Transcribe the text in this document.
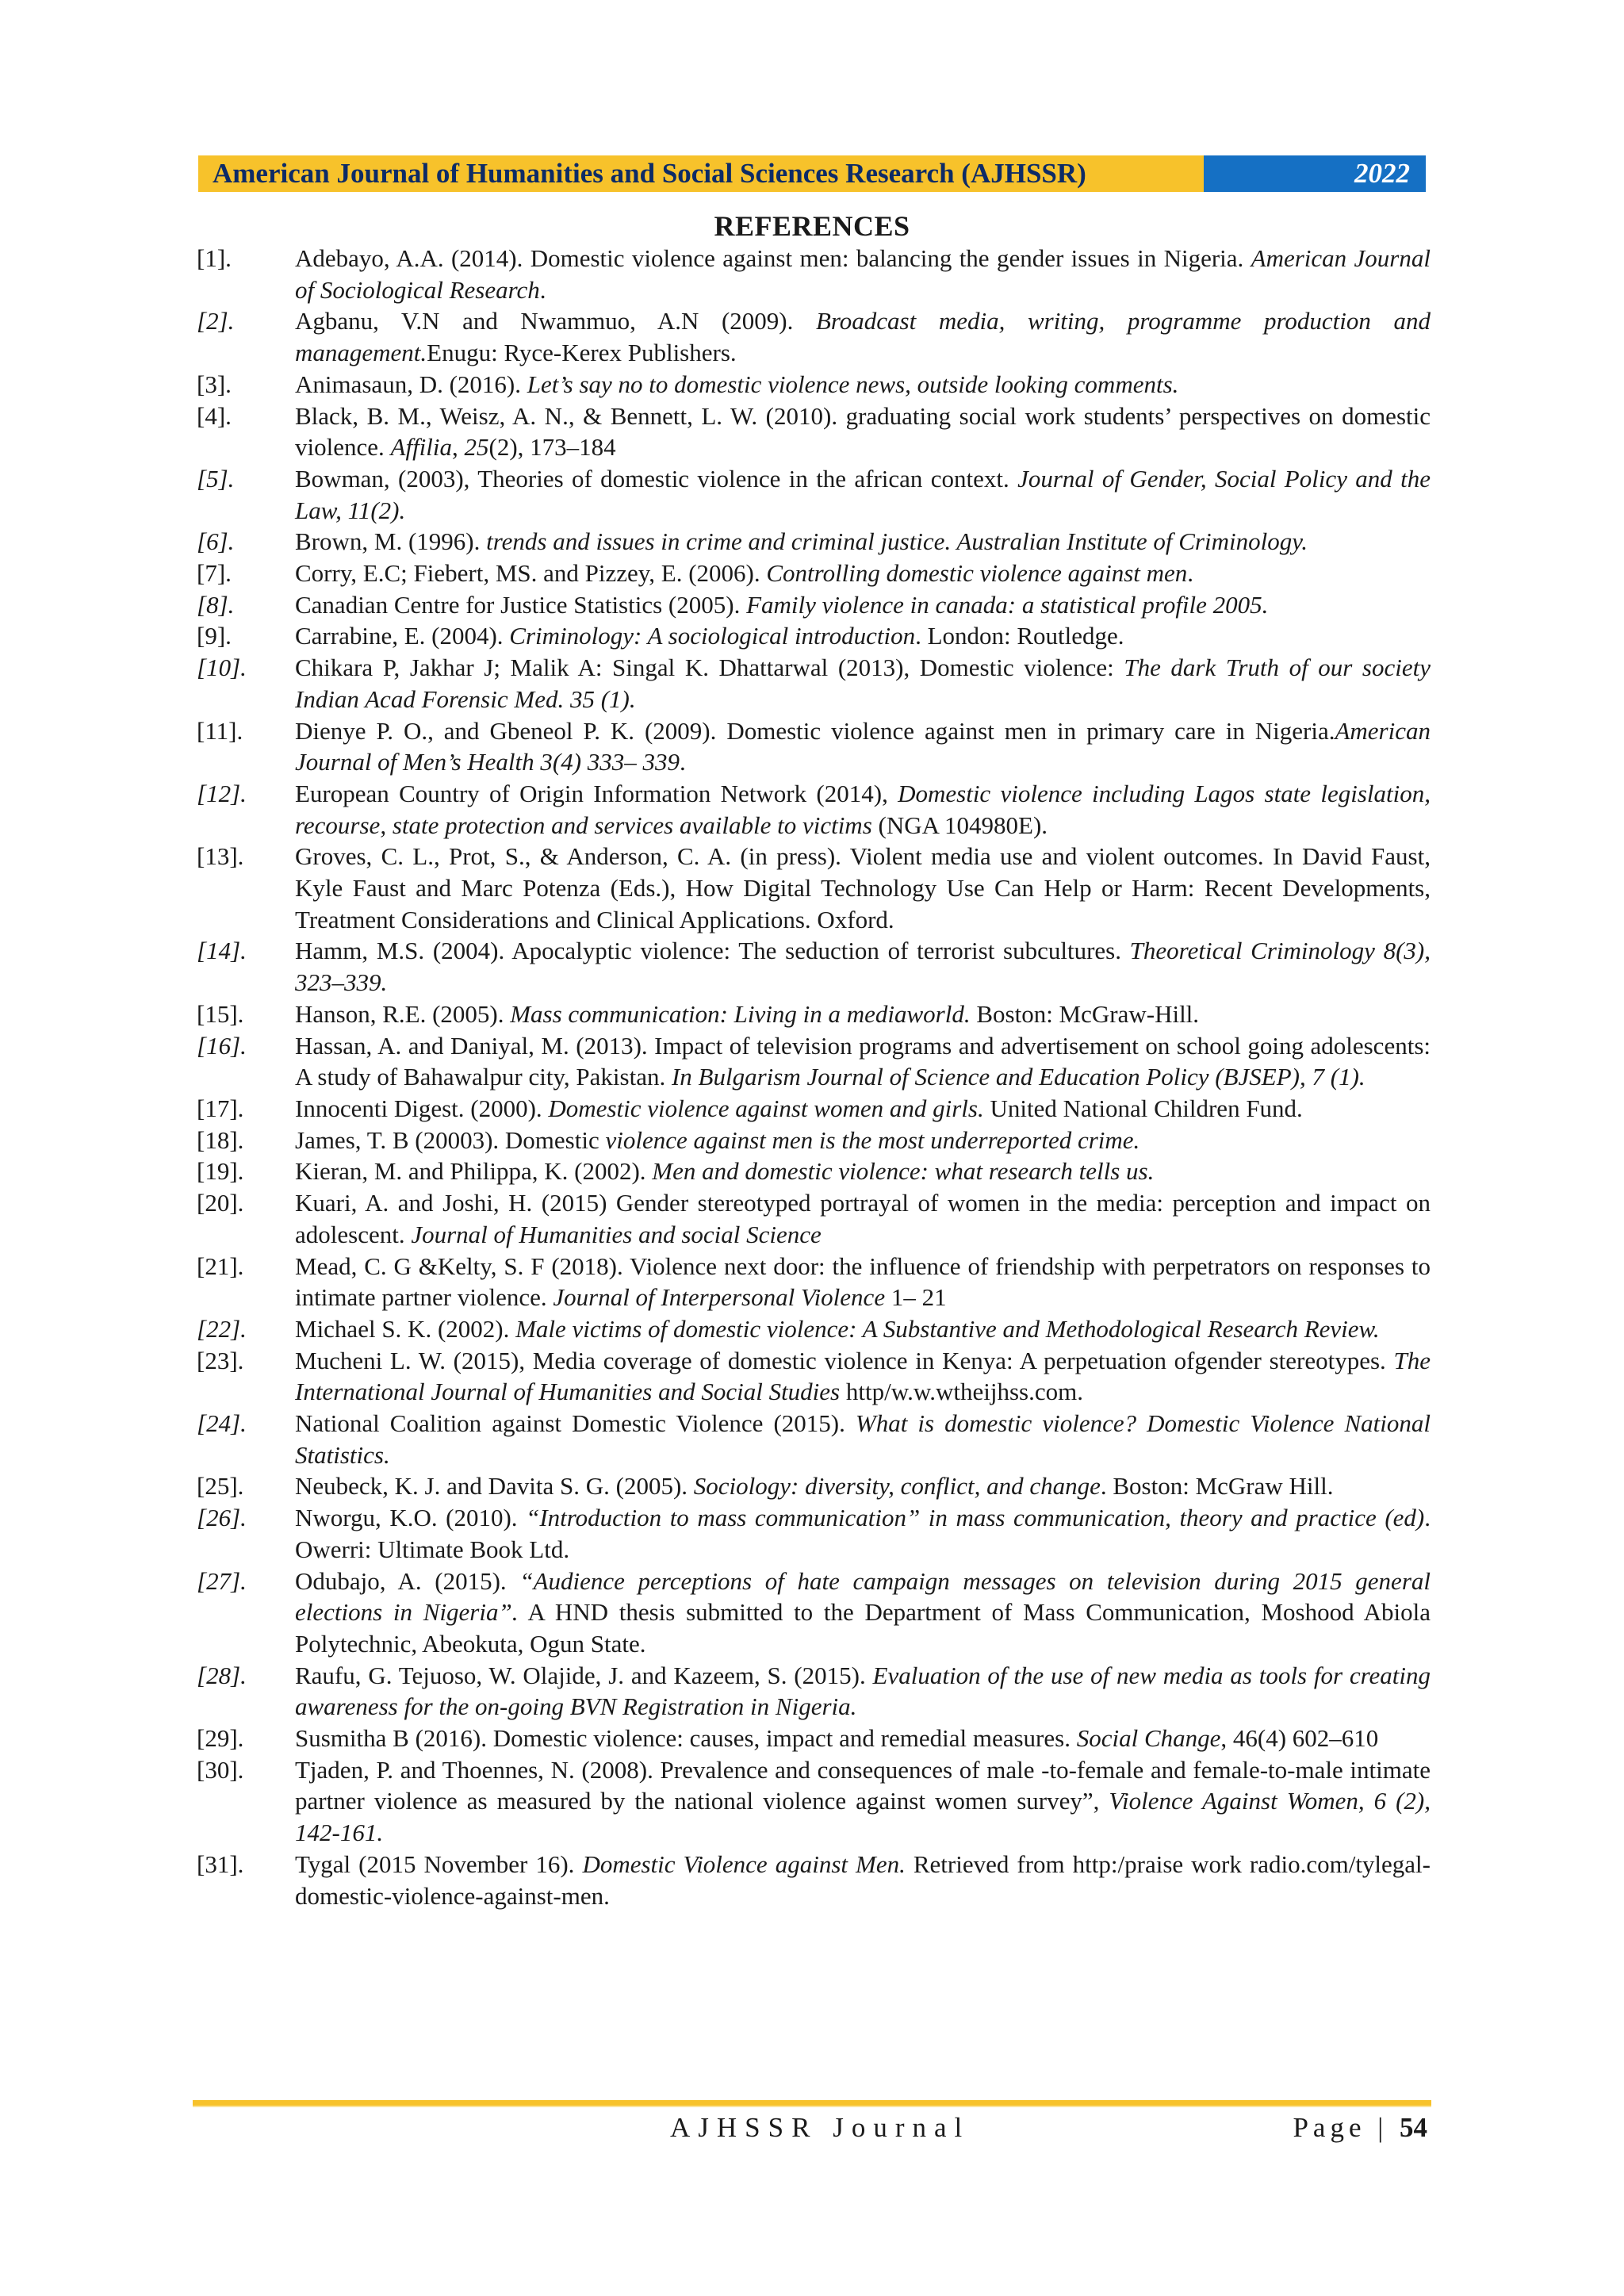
American Journal of Humanities and Social Sciences Research (AJHSSR)	2022
REFERENCES
[1].	Adebayo, A.A. (2014). Domestic violence against men: balancing the gender issues in Nigeria. American Journal of Sociological Research.
[2].	Agbanu, V.N and Nwammuo, A.N (2009). Broadcast media, writing, programme production and management.Enugu: Ryce-Kerex Publishers.
[3].	Animasaun, D. (2016). Let’s say no to domestic violence news, outside looking comments.
[4].	Black, B. M., Weisz, A. N., & Bennett, L. W. (2010). graduating social work students’ perspectives on domestic violence. Affilia, 25(2), 173–184
[5].	Bowman, (2003), Theories of domestic violence in the african context. Journal of Gender, Social Policy and the Law, 11(2).
[6].	Brown, M. (1996). trends and issues in crime and criminal justice. Australian Institute of Criminology.
[7].	Corry, E.C; Fiebert, MS. and Pizzey, E. (2006). Controlling domestic violence against men.
[8].	Canadian Centre for Justice Statistics (2005). Family violence in canada: a statistical profile 2005.
[9].	Carrabine, E. (2004). Criminology: A sociological introduction. London: Routledge.
[10].	Chikara P, Jakhar J; Malik A: Singal K. Dhattarwal (2013), Domestic violence: The dark Truth of our society Indian Acad Forensic Med. 35 (1).
[11].	Dienye P. O., and Gbeneol P. K. (2009). Domestic violence against men in primary care in Nigeria.American Journal of Men’s Health 3(4) 333– 339.
[12].	European Country of Origin Information Network (2014), Domestic violence including Lagos state legislation, recourse, state protection and services available to victims (NGA 104980E).
[13].	Groves, C. L., Prot, S., & Anderson, C. A. (in press). Violent media use and violent outcomes. In David Faust, Kyle Faust and Marc Potenza (Eds.), How Digital Technology Use Can Help or Harm: Recent Developments, Treatment Considerations and Clinical Applications. Oxford.
[14].	Hamm, M.S. (2004). Apocalyptic violence: The seduction of terrorist subcultures. Theoretical Criminology 8(3), 323–339.
[15].	Hanson, R.E. (2005). Mass communication: Living in a mediaworld. Boston: McGraw-Hill.
[16].	Hassan, A. and Daniyal, M. (2013). Impact of television programs and advertisement on school going adolescents: A study of Bahawalpur city, Pakistan. In Bulgarism Journal of Science and Education Policy (BJSEP), 7 (1).
[17].	Innocenti Digest. (2000). Domestic violence against women and girls. United National Children Fund.
[18].	James, T. B (20003). Domestic violence against men is the most underreported crime.
[19].	Kieran, M. and Philippa, K. (2002). Men and domestic violence: what research tells us.
[20].	Kuari, A. and Joshi, H. (2015) Gender stereotyped portrayal of women in the media: perception and impact on adolescent. Journal of Humanities and social Science
[21].	Mead, C. G &Kelty, S. F (2018). Violence next door: the influence of friendship with perpetrators on responses to intimate partner violence. Journal of Interpersonal Violence 1– 21
[22].	Michael S. K. (2002). Male victims of domestic violence: A Substantive and Methodological Research Review.
[23].	Mucheni L. W. (2015), Media coverage of domestic violence in Kenya: A perpetuation ofgender stereotypes. The International Journal of Humanities and Social Studies http/w.w.wtheijhss.com.
[24].	National Coalition against Domestic Violence (2015). What is domestic violence? Domestic Violence National Statistics.
[25].	Neubeck, K. J. and Davita S. G. (2005). Sociology: diversity, conflict, and change. Boston: McGraw Hill.
[26].	Nworgu, K.O. (2010). “Introduction to mass communication” in mass communication, theory and practice (ed). Owerri: Ultimate Book Ltd.
[27].	Odubajo, A. (2015). “Audience perceptions of hate campaign messages on television during 2015 general elections in Nigeria”. A HND thesis submitted to the Department of Mass Communication, Moshood Abiola Polytechnic, Abeokuta, Ogun State.
[28].	Raufu, G. Tejuoso, W. Olajide, J. and Kazeem, S. (2015). Evaluation of the use of new media as tools for creating awareness for the on-going BVN Registration in Nigeria.
[29].	Susmitha B (2016). Domestic violence: causes, impact and remedial measures. Social Change, 46(4) 602–610
[30].	Tjaden, P. and Thoennes, N. (2008). Prevalence and consequences of male -to-female and female-to-male intimate partner violence as measured by the national violence against women survey”, Violence Against Women, 6 (2), 142-161.
[31].	Tygal (2015 November 16). Domestic Violence against Men. Retrieved from http:/praise work radio.com/tylegal-domestic-violence-against-men.
AJHSSR Journal	Page | 54
